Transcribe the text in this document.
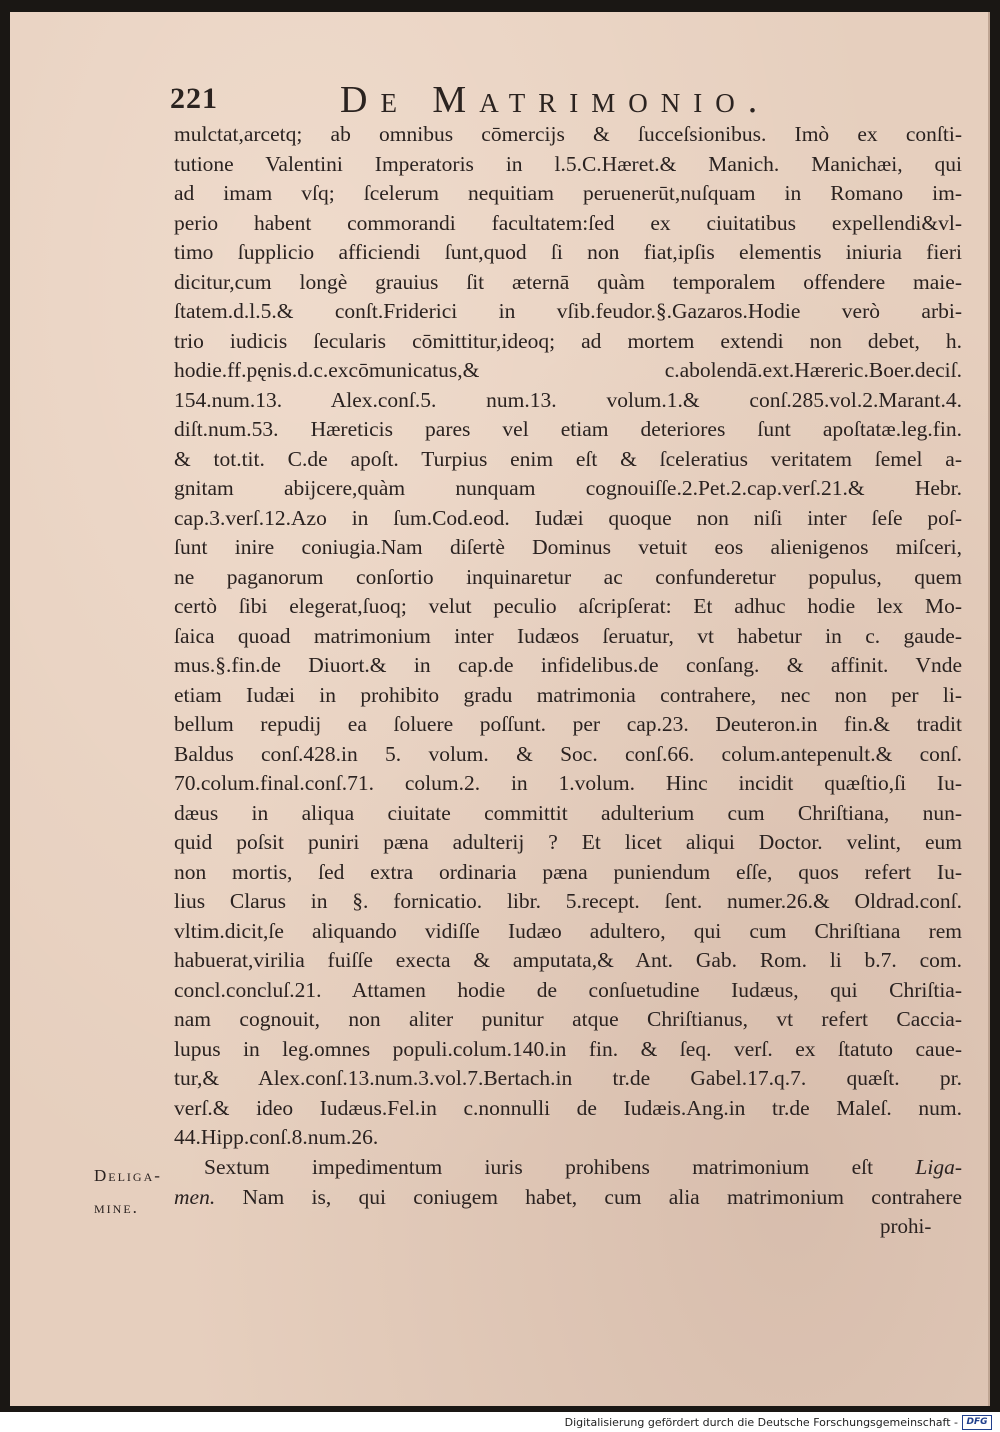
221	De Matrimonio.
mulctat,arcetq; ab omnibus cōmercijs & ſucceſsionibus. Imò ex conſti-
tutione Valentini Imperatoris in l.5.C.Hæret.& Manich. Manichæi, qui
ad imam vſq; ſcelerum nequitiam peruenerūt,nuſquam in Romano im-
perio habent commorandi facultatem:ſed ex ciuitatibus expellendi&vl-
timo ſupplicio afficiendi ſunt,quod ſi non fiat,ipſis elementis iniuria fieri
dicitur,cum longè grauius ſit æternā quàm temporalem offendere maie-
ſtatem.d.l.5.& conſt.Friderici in vſib.feudor.§.Gazaros.Hodie verò arbi-
trio iudicis ſecularis cōmittitur,ideoq; ad mortem extendi non debet, h.
hodie.ff.pęnis.d.c.excōmunicatus,& c.abolendā.ext.Hæreric.Boer.deciſ.
154.num.13. Alex.conſ.5. num.13. volum.1.& conſ.285.vol.2.Marant.4.
diſt.num.53. Hæreticis pares vel etiam deteriores ſunt apoſtatæ.leg.fin.
& tot.tit. C.de apoſt. Turpius enim eſt & ſceleratius veritatem ſemel a-
gnitam abijcere,quàm nunquam cognouiſſe.2.Pet.2.cap.verſ.21.& Hebr.
cap.3.verſ.12.Azo in ſum.Cod.eod. Iudæi quoque non niſi inter ſeſe poſ-
ſunt inire coniugia.Nam diſertè Dominus vetuit eos alienigenos miſceri,
ne paganorum conſortio inquinaretur ac confunderetur populus, quem
certò ſibi elegerat,ſuoq; velut peculio aſcripſerat: Et adhuc hodie lex Mo-
ſaica quoad matrimonium inter Iudæos ſeruatur, vt habetur in c. gaude-
mus.§.fin.de Diuort.& in cap.de infidelibus.de conſang. & affinit. Vnde
etiam Iudæi in prohibito gradu matrimonia contrahere, nec non per li-
bellum repudij ea ſoluere poſſunt. per cap.23. Deuteron.in fin.& tradit
Baldus conſ.428.in 5. volum. & Soc. conſ.66. colum.antepenult.& conſ.
70.colum.final.conſ.71. colum.2. in 1.volum. Hinc incidit quæſtio,ſi Iu-
dæus in aliqua ciuitate committit adulterium cum Chriſtiana, nun-
quid poſsit puniri pæna adulterij ? Et licet aliqui Doctor. velint, eum
non mortis, ſed extra ordinaria pæna puniendum eſſe, quos refert Iu-
lius Clarus in §. fornicatio. libr. 5.recept. ſent. numer.26.& Oldrad.conſ.
vltim.dicit,ſe aliquando vidiſſe Iudæo adultero, qui cum Chriſtiana rem
habuerat,virilia fuiſſe execta & amputata,& Ant. Gab. Rom. li b.7. com.
concl.concluſ.21. Attamen hodie de conſuetudine Iudæus, qui Chriſtia-
nam cognouit, non aliter punitur atque Chriſtianus, vt refert Caccia-
lupus in leg.omnes populi.colum.140.in fin. & ſeq. verſ. ex ſtatuto caue-
tur,& Alex.conſ.13.num.3.vol.7.Bertach.in tr.de Gabel.17.q.7. quæſt. pr.
verſ.& ideo Iudæus.Fel.in c.nonnulli de Iudæis.Ang.in tr.de Maleſ. num.
44.Hipp.conſ.8.num.26.
Deliga-
mine.
Sextum impedimentum iuris prohibens matrimonium eſt Liga-
men. Nam is, qui coniugem habet, cum alia matrimonium contrahere
prohi-
Digitalisierung gefördert durch die Deutsche Forschungsgemeinschaft - DFG
